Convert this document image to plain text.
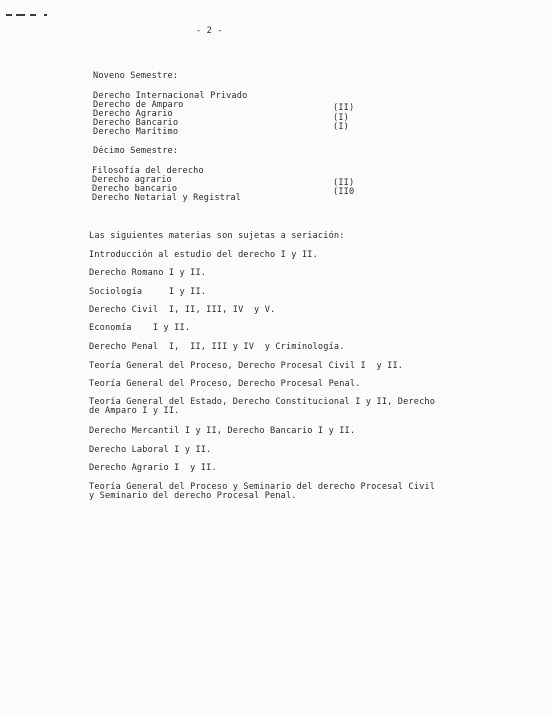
- 2 -
Noveno Semestre:
Derecho Internacional Privado
Derecho de Amparo
Derecho Agrario
Derecho Bancario
Derecho Marítimo
(II)
(I)
(I)
Décimo Semestre:
Filosofía del derecho
Derecho agrario
Derecho bancario
Derecho Notarial y Registral
(II)
(II0
Las siguientes materias son sujetas a seriación:
Introducción al estudio del derecho I y II.
Derecho Romano I y II.
Sociología     I y II.
Derecho Civil  I, II, III, IV  y V.
Economía    I y II.
Derecho Penal  I,  II, III y IV  y Criminología.
Teoría General del Proceso, Derecho Procesal Civil I  y II.
Teoría General del Proceso, Derecho Procesal Penal.
Teoría General del Estado, Derecho Constitucional I y II, Derecho
de Amparo I y II.
Derecho Mercantil I y II, Derecho Bancario I y II.
Derecho Laboral I y II.
Derecho Agrario I  y II.
Teoría General del Proceso y Seminario del derecho Procesal Civil
y Seminario del derecho Procesal Penal.
